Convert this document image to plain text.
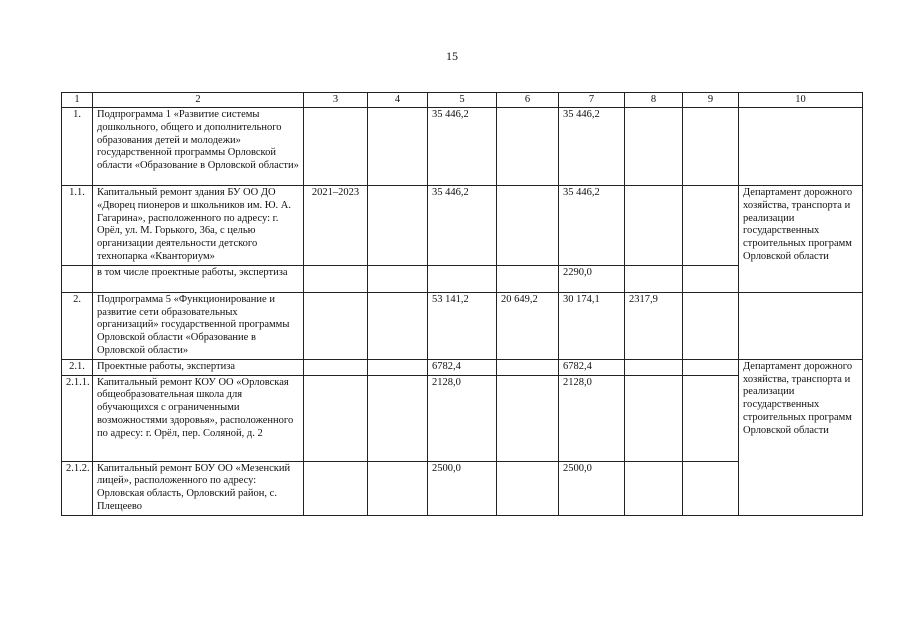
15
1	2	3	4	5	6	7	8	9	10
1.	Подпрограмма 1 «Развитие системы дошкольного, общего и дополнительного образования детей и молодежи» государственной программы Орловской области «Образование в Орловской области»			35 446,2		35 446,2			
1.1.	Капитальный ремонт здания БУ ОО ДО «Дворец пионеров и школьников им. Ю. А. Гагарина», расположенного по адресу: г. Орёл, ул. М. Горького, 36а, с целью организации деятельности детского технопарка «Кванториум»	2021–2023		35 446,2		35 446,2			Департамент дорожного хозяйства, транспорта и реализации государственных строительных программ Орловской области
	в том числе проектные работы, экспертиза					2290,0			
2.	Подпрограмма 5 «Функционирование и развитие сети образовательных организаций» государственной программы Орловской области «Образование в Орловской области»			53 141,2	20 649,2	30 174,1	2317,9		
2.1.	Проектные работы, экспертиза			6782,4		6782,4			Департамент дорожного хозяйства, транспорта и реализации государственных строительных программ Орловской области
2.1.1.	Капитальный ремонт КОУ ОО «Орловская общеобразовательная школа для обучающихся с ограниченными возможностями здоровья», расположенного по адресу: г. Орёл, пер. Соляной, д. 2			2128,0		2128,0			
2.1.2.	Капитальный ремонт БОУ ОО «Мезенский лицей», расположенного по адресу: Орловская область, Орловский район, с. Плещеево			2500,0		2500,0			
